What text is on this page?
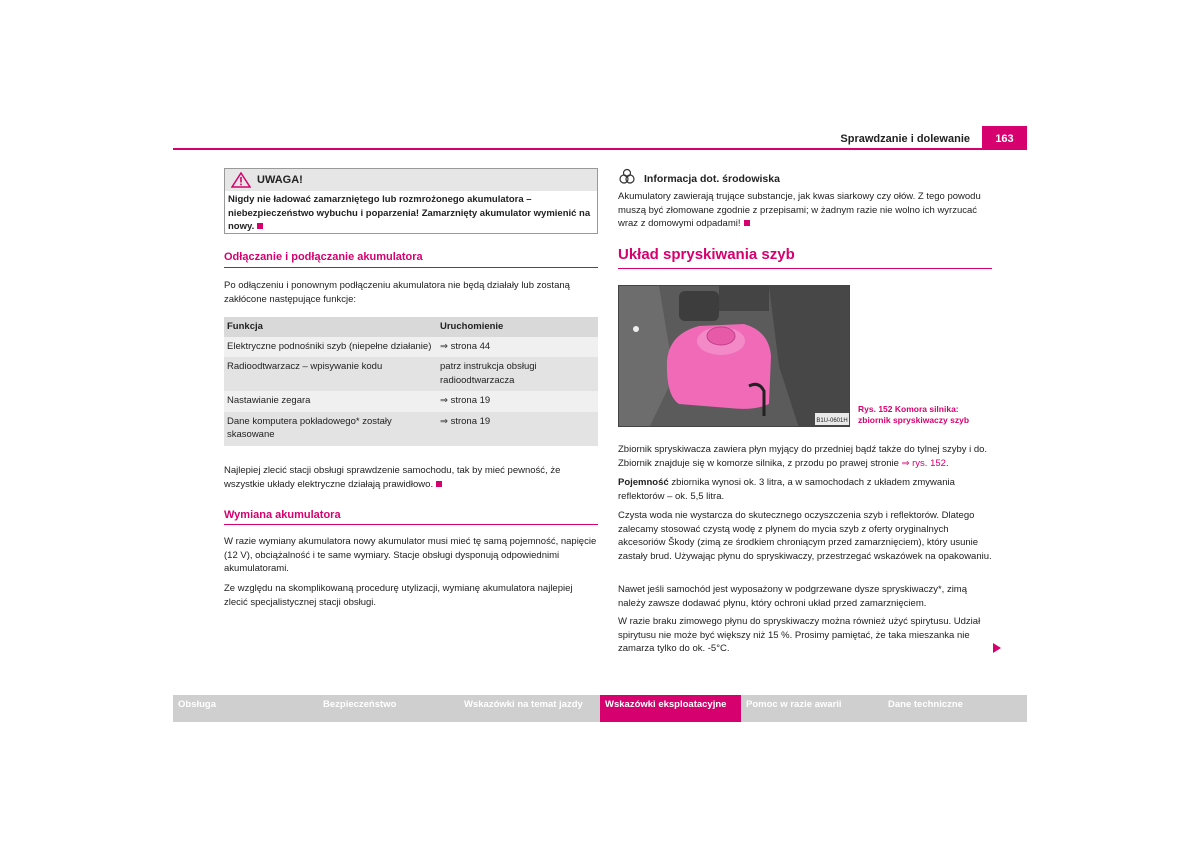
Sprawdzanie i dolewanie	163
UWAGA!
Nigdy nie ładować zamarzniętego lub rozmrożonego akumulatora – niebezpieczeństwo wybuchu i poparzenia! Zamarznięty akumulator wymienić na nowy.
Odłączanie i podłączanie akumulatora
Po odłączeniu i ponownym podłączeniu akumulatora nie będą działały lub zostaną zakłócone następujące funkcje:
Funkcja	Uruchomienie
Elektryczne podnośniki szyb (niepełne działanie)	⇒ strona 44
Radioodtwarzacz – wpisywanie kodu	patrz instrukcja obsługi radioodtwarzacza
Nastawianie zegara	⇒ strona 19
Dane komputera pokładowego* zostały skasowane	⇒ strona 19
Najlepiej zlecić stacji obsługi sprawdzenie samochodu, tak by mieć pewność, że wszystkie układy elektryczne działają prawidłowo.
Wymiana akumulatora
W razie wymiany akumulatora nowy akumulator musi mieć tę samą pojemność, napięcie (12 V), obciążalność i te same wymiary. Stacje obsługi dysponują odpowiednimi akumulatorami.
Ze względu na skomplikowaną procedurę utylizacji, wymianę akumulatora najlepiej zlecić specjalistycznej stacji obsługi.
Informacja dot. środowiska
Akumulatory zawierają trujące substancje, jak kwas siarkowy czy ołów. Z tego powodu muszą być złomowane zgodnie z przepisami; w żadnym razie nie wolno ich wyrzucać wraz z domowymi odpadami!
Układ spryskiwania szyb
B1U-0601H
Rys. 152 Komora silnika:
zbiornik spryskiwaczy szyb
Zbiornik spryskiwacza zawiera płyn myjący do przedniej bądź także do tylnej szyby i do. Zbiornik znajduje się w komorze silnika, z przodu po prawej stronie ⇒ rys. 152.
Pojemność zbiornika wynosi ok. 3 litra, a w samochodach z układem zmywania reflektorów – ok. 5,5 litra.
Czysta woda nie wystarcza do skutecznego oczyszczenia szyb i reflektorów. Dlatego zalecamy stosować czystą wodę z płynem do mycia szyb z oferty oryginalnych akcesoriów Škody (zimą ze środkiem chroniącym przed zamarznięciem), który usunie zastały brud. Używając płynu do spryskiwaczy, przestrzegać wskazówek na opakowaniu.
Nawet jeśli samochód jest wyposażony w podgrzewane dysze spryskiwaczy*, zimą należy zawsze dodawać płynu, który ochroni układ przed zamarznięciem.
W razie braku zimowego płynu do spryskiwaczy można również użyć spirytusu. Udział spirytusu nie może być większy niż 15 %. Prosimy pamiętać, że taka mieszanka nie zamarza tylko do ok. -5°C.
Obsługa	Bezpieczeństwo	Wskazówki na temat jazdy	Wskazówki eksploatacyjne	Pomoc w razie awarii	Dane techniczne
